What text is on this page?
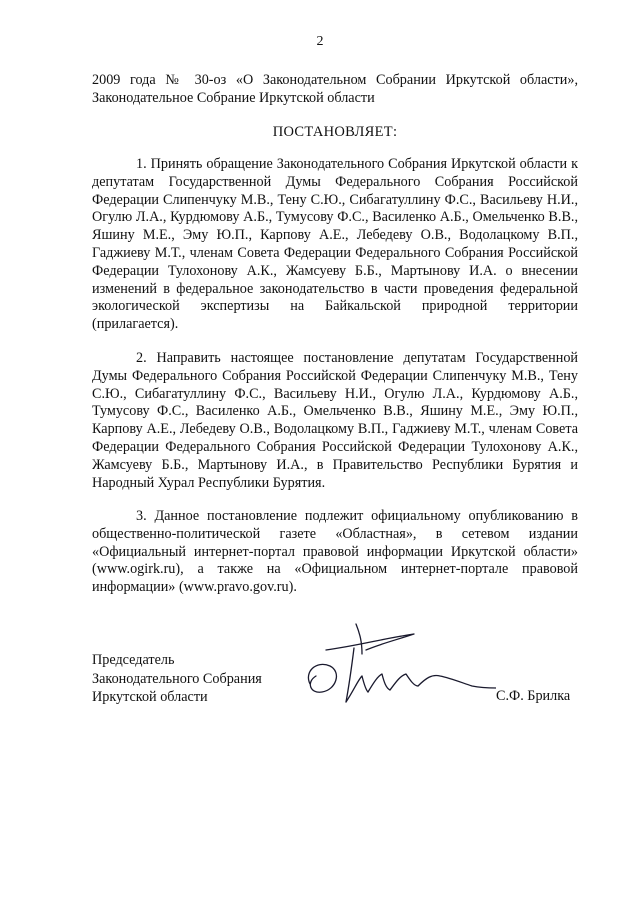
2
2009 года № 30-оз «О Законодательном Собрании Иркутской области», Законодательное Собрание Иркутской области
ПОСТАНОВЛЯЕТ:

1. Принять обращение Законодательного Собрания Иркутской области к депутатам Государственной Думы Федерального Собрания Российской Федерации Слипенчуку М.В., Тену С.Ю., Сибагатуллину Ф.С., Васильеву Н.И., Огулю Л.А., Курдюмову А.Б., Тумусову Ф.С., Василенко А.Б., Омельченко В.В., Яшину М.Е., Эму Ю.П., Карпову А.Е., Лебедеву О.В., Водолацкому В.П., Гаджиеву М.Т., членам Совета Федерации Федерального Собрания Российской Федерации Тулохонову А.К., Жамсуеву Б.Б., Мартынову И.А. о внесении изменений в федеральное законодательство в части проведения федеральной экологической экспертизы на Байкальской природной территории (прилагается).

2. Направить настоящее постановление депутатам Государственной Думы Федерального Собрания Российской Федерации Слипенчуку М.В., Тену С.Ю., Сибагатуллину Ф.С., Васильеву Н.И., Огулю Л.А., Курдюмову А.Б., Тумусову Ф.С., Василенко А.Б., Омельченко В.В., Яшину М.Е., Эму Ю.П., Карпову А.Е., Лебедеву О.В., Водолацкому В.П., Гаджиеву М.Т., членам Совета Федерации Федерального Собрания Российской Федерации Тулохонову А.К., Жамсуеву Б.Б., Мартынову И.А., в Правительство Республики Бурятия и Народный Хурал Республики Бурятия.

3. Данное постановление подлежит официальному опубликованию в общественно-политической газете «Областная», в сетевом издании «Официальный интернет-портал правовой информации Иркутской области» (www.ogirk.ru), а также на «Официальном интернет-портале правовой информации» (www.pravo.gov.ru).

Председатель
Законодательного Собрания
Иркутской области	С.Ф. Брилка
